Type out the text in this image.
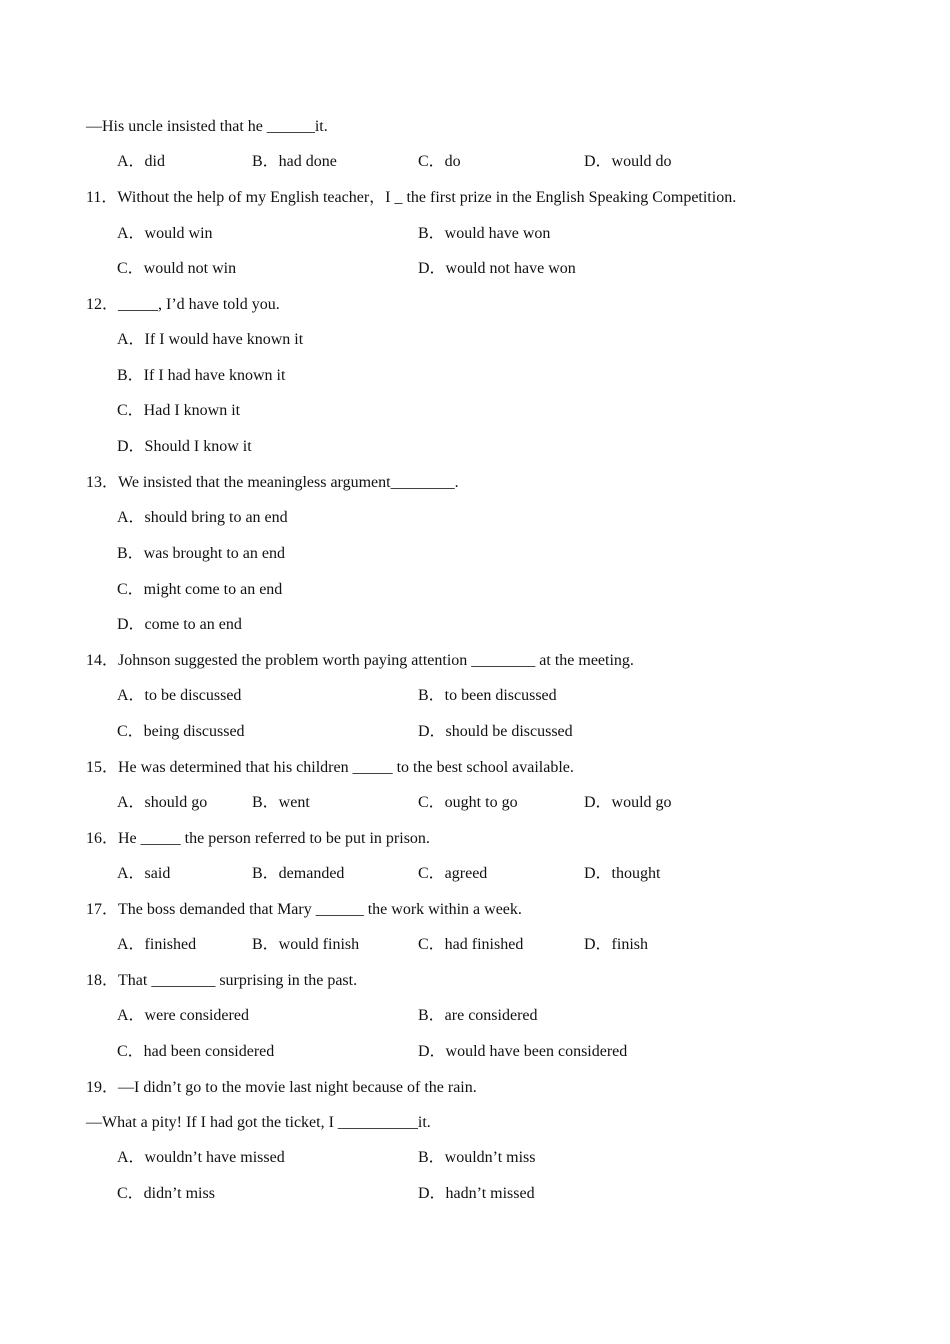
—His uncle insisted that he ______it.
A．did	B．had done	C．do	D．would do
11．Without the help of my English teacher，I _ the first prize in the English Speaking Competition.
A．would win	B．would have won
C．would not win	D．would not have won
12．_____, I’d have told you.
A．If I would have known it
B．If I had have known it
C．Had I known it
D．Should I know it
13．We insisted that the meaningless argument________.
A．should bring to an end
B．was brought to an end
C．might come to an end
D．come to an end
14．Johnson suggested the problem worth paying attention ________ at the meeting.
A．to be discussed	B．to been discussed
C．being discussed	D．should be discussed
15．He was determined that his children _____ to the best school available.
A．should go	B．went	C．ought to go	D．would go
16．He _____ the person referred to be put in prison.
A．said	B．demanded	C．agreed	D．thought
17．The boss demanded that Mary ______ the work within a week.
A．finished	B．would finish	C．had finished	D．finish
18．That ________ surprising in the past.
A．were considered	B．are considered
C．had been considered	D．would have been considered
19．—I didn’t go to the movie last night because of the rain.
—What a pity! If I had got the ticket, I __________it.
A．wouldn’t have missed	B．wouldn’t miss
C．didn’t miss	D．hadn’t missed
